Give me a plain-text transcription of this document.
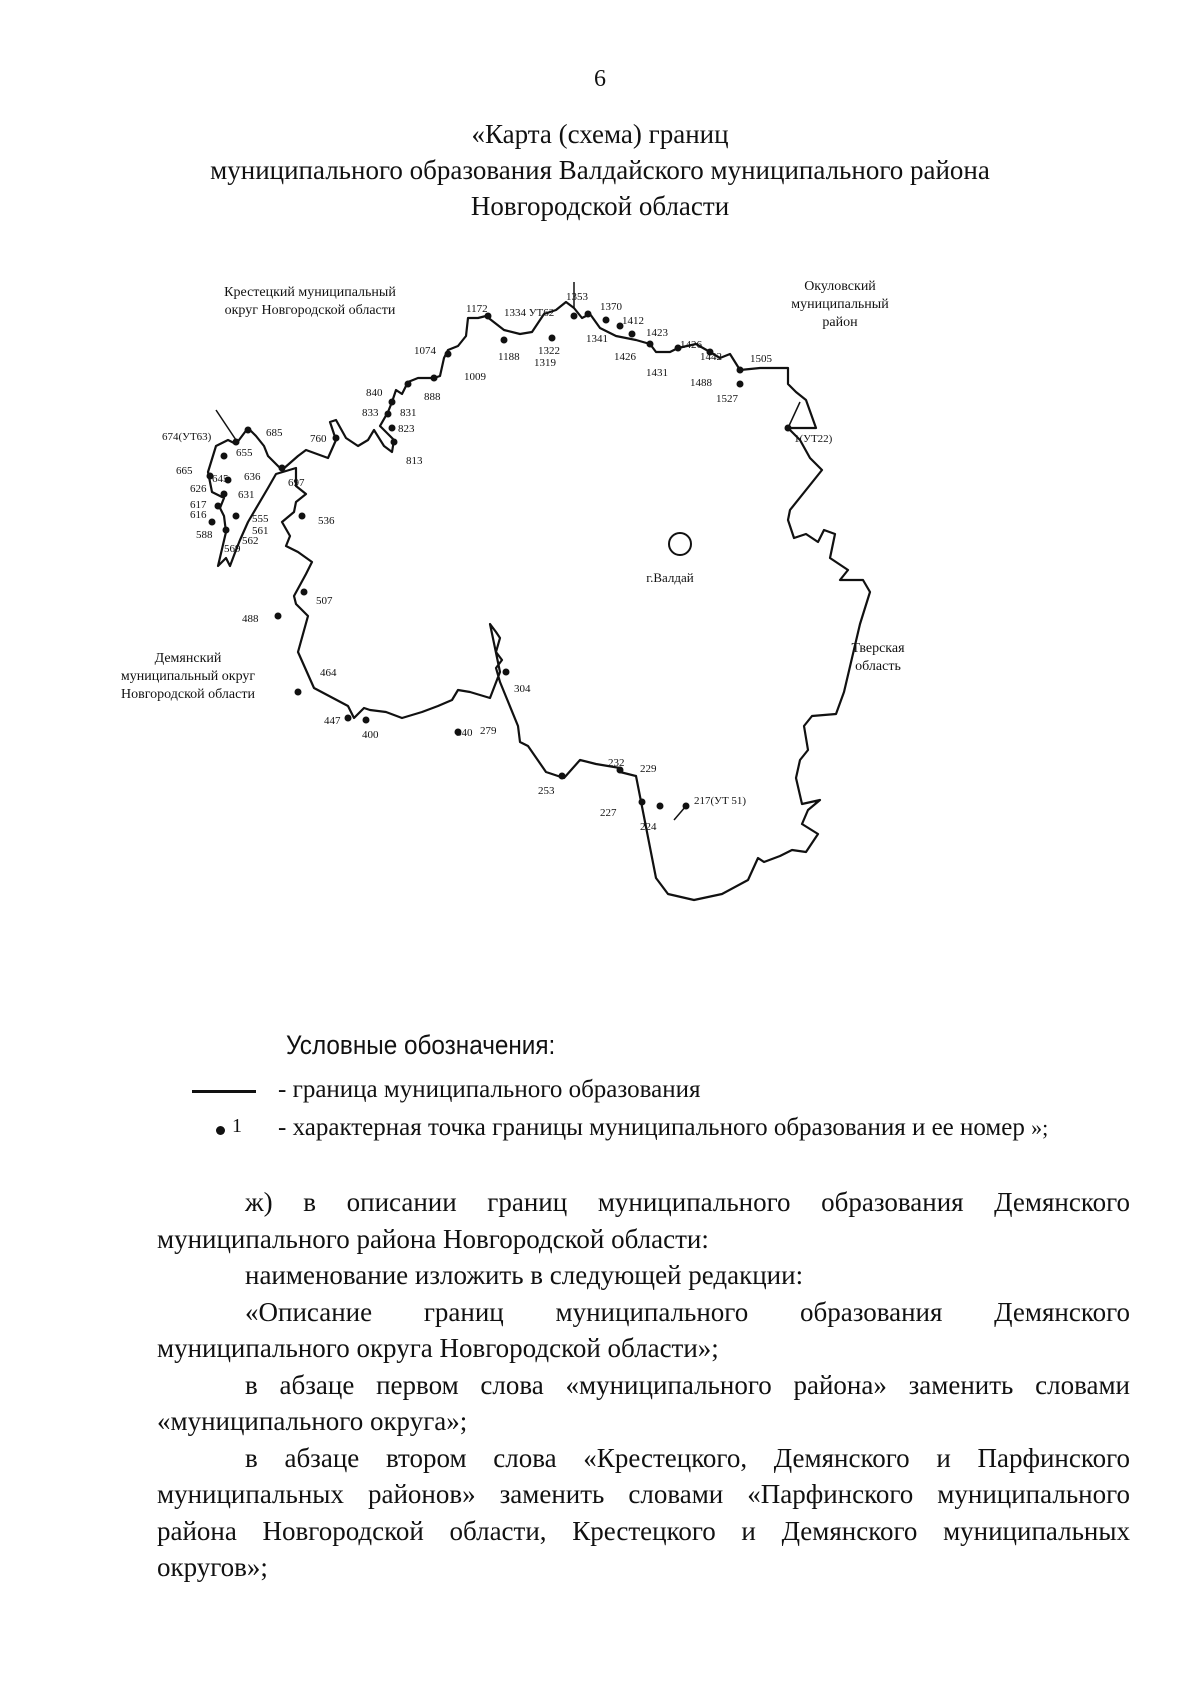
6
«Карта (схема) границ
муниципального образования Валдайского муниципального района
Новгородской области
г.Валдай
Крестецкий муниципальный
округ Новгородской области
Окуловский
муниципальный
район
Демянский
муниципальный округ
Новгородской области
Тверская
область
1(УТ22)
1505
1527
1488
1442
1426
1431
1423
1426
1412
1341
1370
1353
1334 УТ62
1322
1319
1188
1172
1074
1009
888
840
833 831
823
813
760
697
685
674(УТ63)
665
655
645 636
631
626
617
616
588
569
562
561
555	536
507
488
464
447
400	340 279
304
253
232 229
227
224
217(УТ 51)
Условные обозначения:
- граница муниципального образования
1 - характерная точка границы муниципального образования и ее номер »;

ж) в описании границ муниципального образования Демянского муниципального района Новгородской области:

наименование изложить в следующей редакции:

«Описание границ муниципального образования Демянского муниципального округа Новгородской области»;

в абзаце первом слова «муниципального района» заменить словами «муниципального округа»;

в абзаце втором слова «Крестецкого, Демянского и Парфинского муниципальных районов» заменить словами «Парфинского муниципального района Новгородской области, Крестецкого и Демянского муниципальных округов»;
